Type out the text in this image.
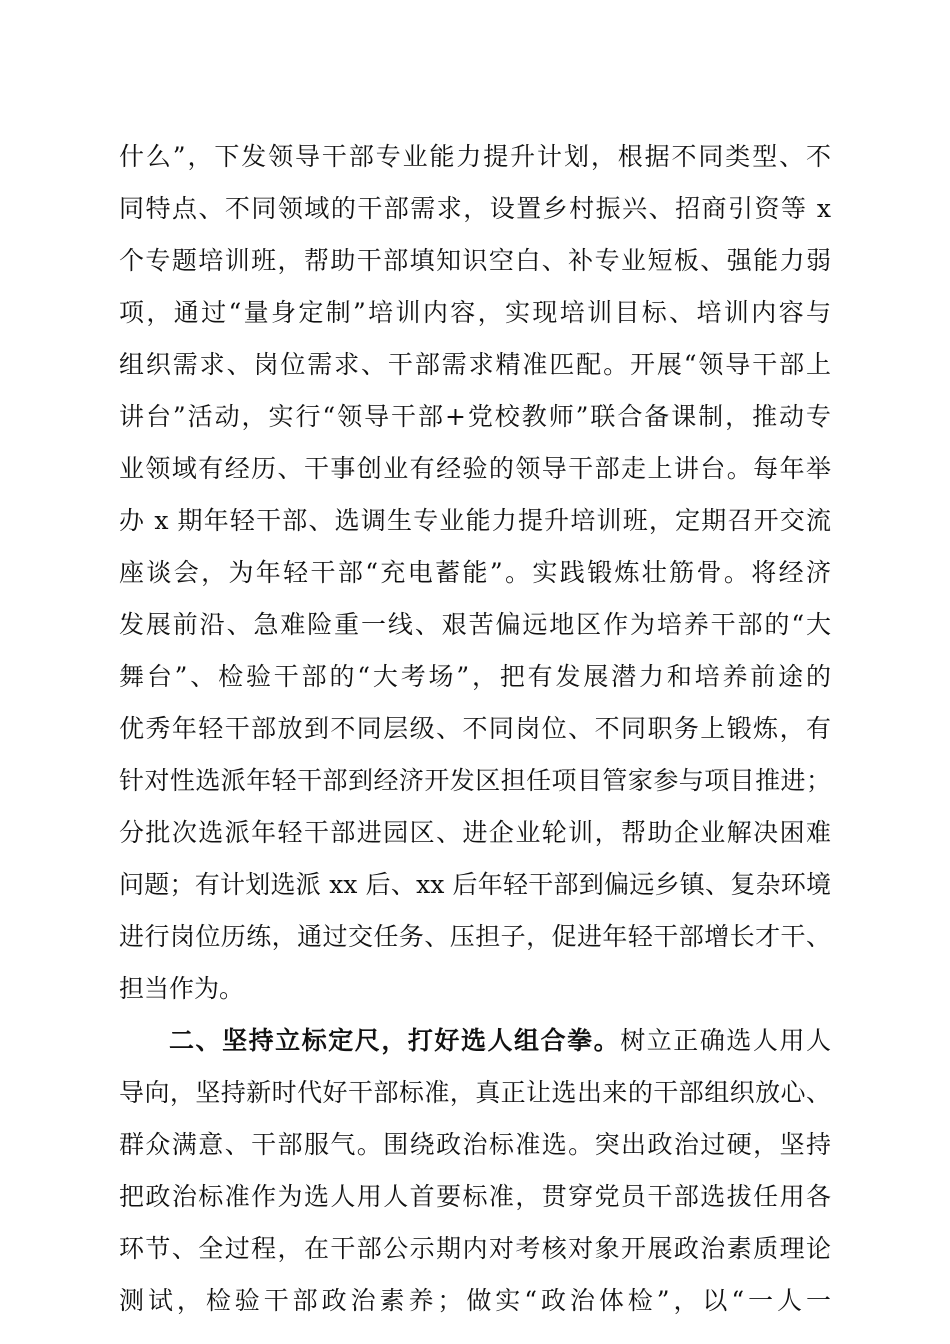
什么”，下发领导干部专业能力提升计划，根据不同类型、不
同特点、不同领域的干部需求，设置乡村振兴、招商引资等 x
个专题培训班，帮助干部填知识空白、补专业短板、强能力弱
项，通过“量身定制”培训内容，实现培训目标、培训内容与
组织需求、岗位需求、干部需求精准匹配。开展“领导干部上
讲台”活动，实行“领导干部+党校教师”联合备课制，推动专
业领域有经历、干事创业有经验的领导干部走上讲台。每年举
办 x 期年轻干部、选调生专业能力提升培训班，定期召开交流
座谈会，为年轻干部“充电蓄能”。实践锻炼壮筋骨。将经济
发展前沿、急难险重一线、艰苦偏远地区作为培养干部的“大
舞台”、检验干部的“大考场”，把有发展潜力和培养前途的
优秀年轻干部放到不同层级、不同岗位、不同职务上锻炼，有
针对性选派年轻干部到经济开发区担任项目管家参与项目推进；
分批次选派年轻干部进园区、进企业轮训，帮助企业解决困难
问题；有计划选派 xx 后、xx 后年轻干部到偏远乡镇、复杂环境
进行岗位历练，通过交任务、压担子，促进年轻干部增长才干、
担当作为。
二、坚持立标定尺，打好选人组合拳。树立正确选人用人
导向，坚持新时代好干部标准，真正让选出来的干部组织放心、
群众满意、干部服气。围绕政治标准选。突出政治过硬，坚持
把政治标准作为选人用人首要标准，贯穿党员干部选拔任用各
环节、全过程，在干部公示期内对考核对象开展政治素质理论
测试，检验干部政治素养；做实“政治体检”，以“一人一
